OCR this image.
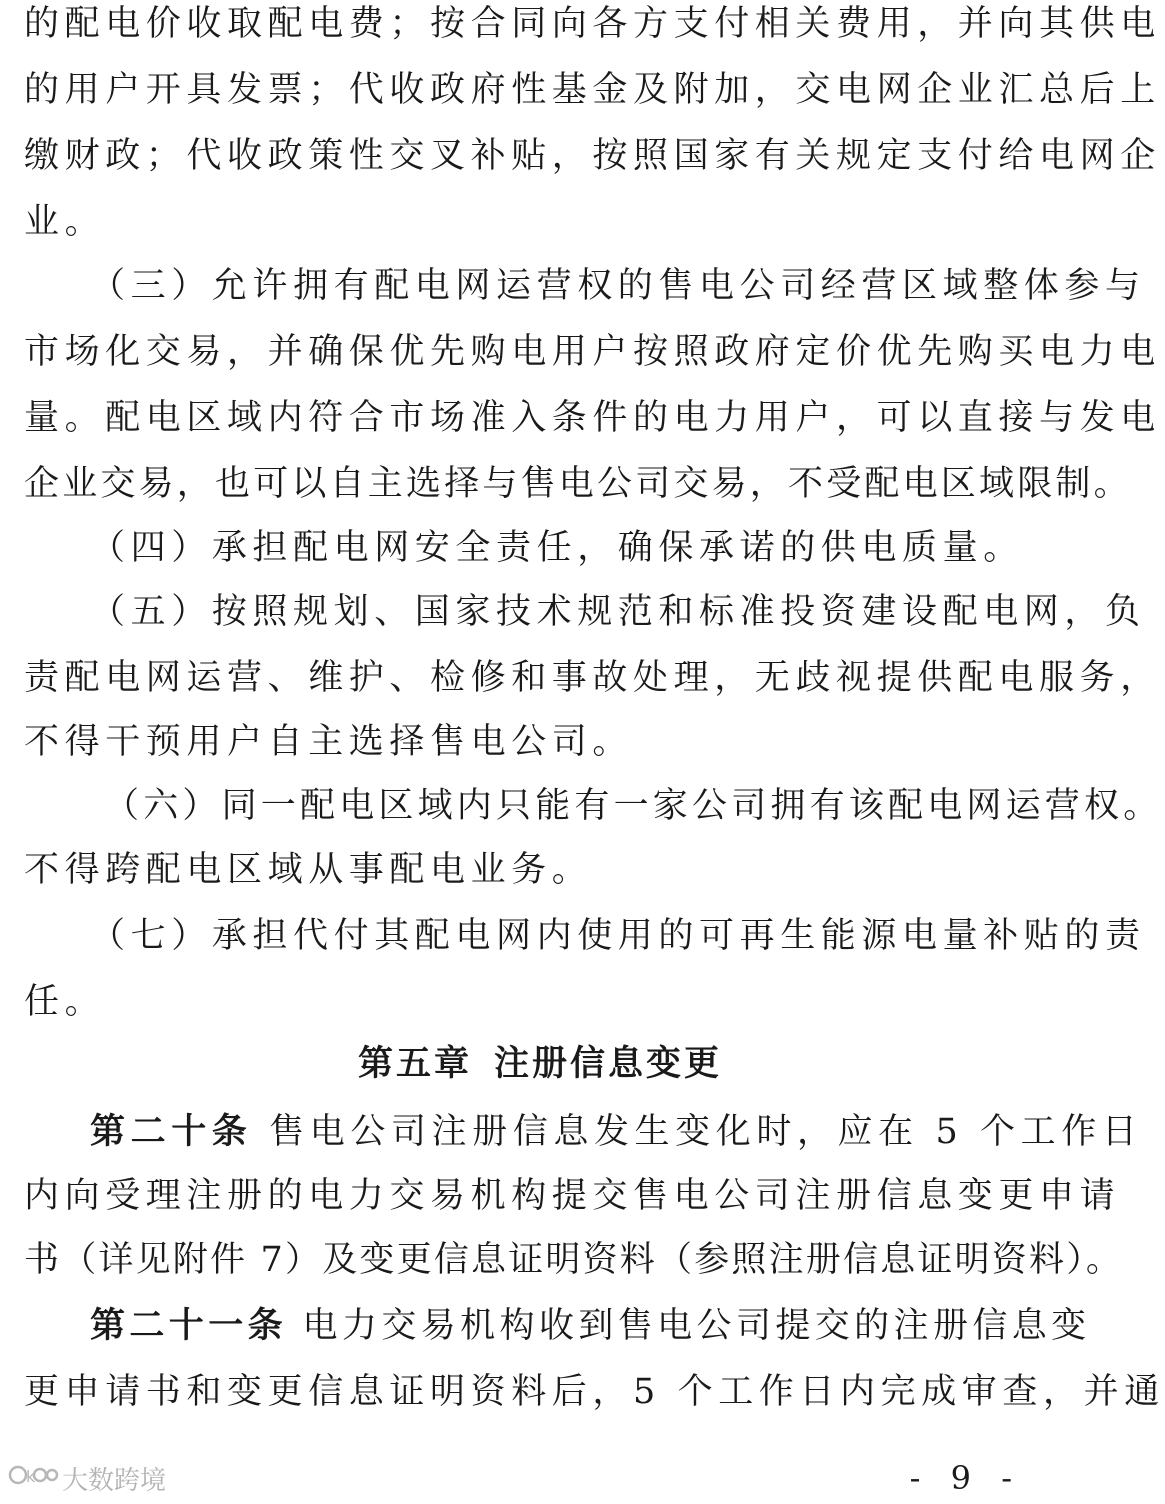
的配电价收取配电费；按合同向各方支付相关费用，并向其供电
的用户开具发票；代收政府性基金及附加，交电网企业汇总后上
缴财政；代收政策性交叉补贴，按照国家有关规定支付给电网企
业。
（三）允许拥有配电网运营权的售电公司经营区域整体参与
市场化交易，并确保优先购电用户按照政府定价优先购买电力电
量。配电区域内符合市场准入条件的电力用户，可以直接与发电
企业交易，也可以自主选择与售电公司交易，不受配电区域限制。
（四）承担配电网安全责任，确保承诺的供电质量。
（五）按照规划、国家技术规范和标准投资建设配电网，负
责配电网运营、维护、检修和事故处理，无歧视提供配电服务，
不得干预用户自主选择售电公司。
（六）同一配电区域内只能有一家公司拥有该配电网运营权。
不得跨配电区域从事配电业务。
（七）承担代付其配电网内使用的可再生能源电量补贴的责
任。
第五章 注册信息变更
第二十条 售电公司注册信息发生变化时，应在 5 个工作日
内向受理注册的电力交易机构提交售电公司注册信息变更申请
书（详见附件 7）及变更信息证明资料（参照注册信息证明资料）。
第二十一条 电力交易机构收到售电公司提交的注册信息变
更申请书和变更信息证明资料后，5 个工作日内完成审查，并通
k 大数跨境	- 9 -
